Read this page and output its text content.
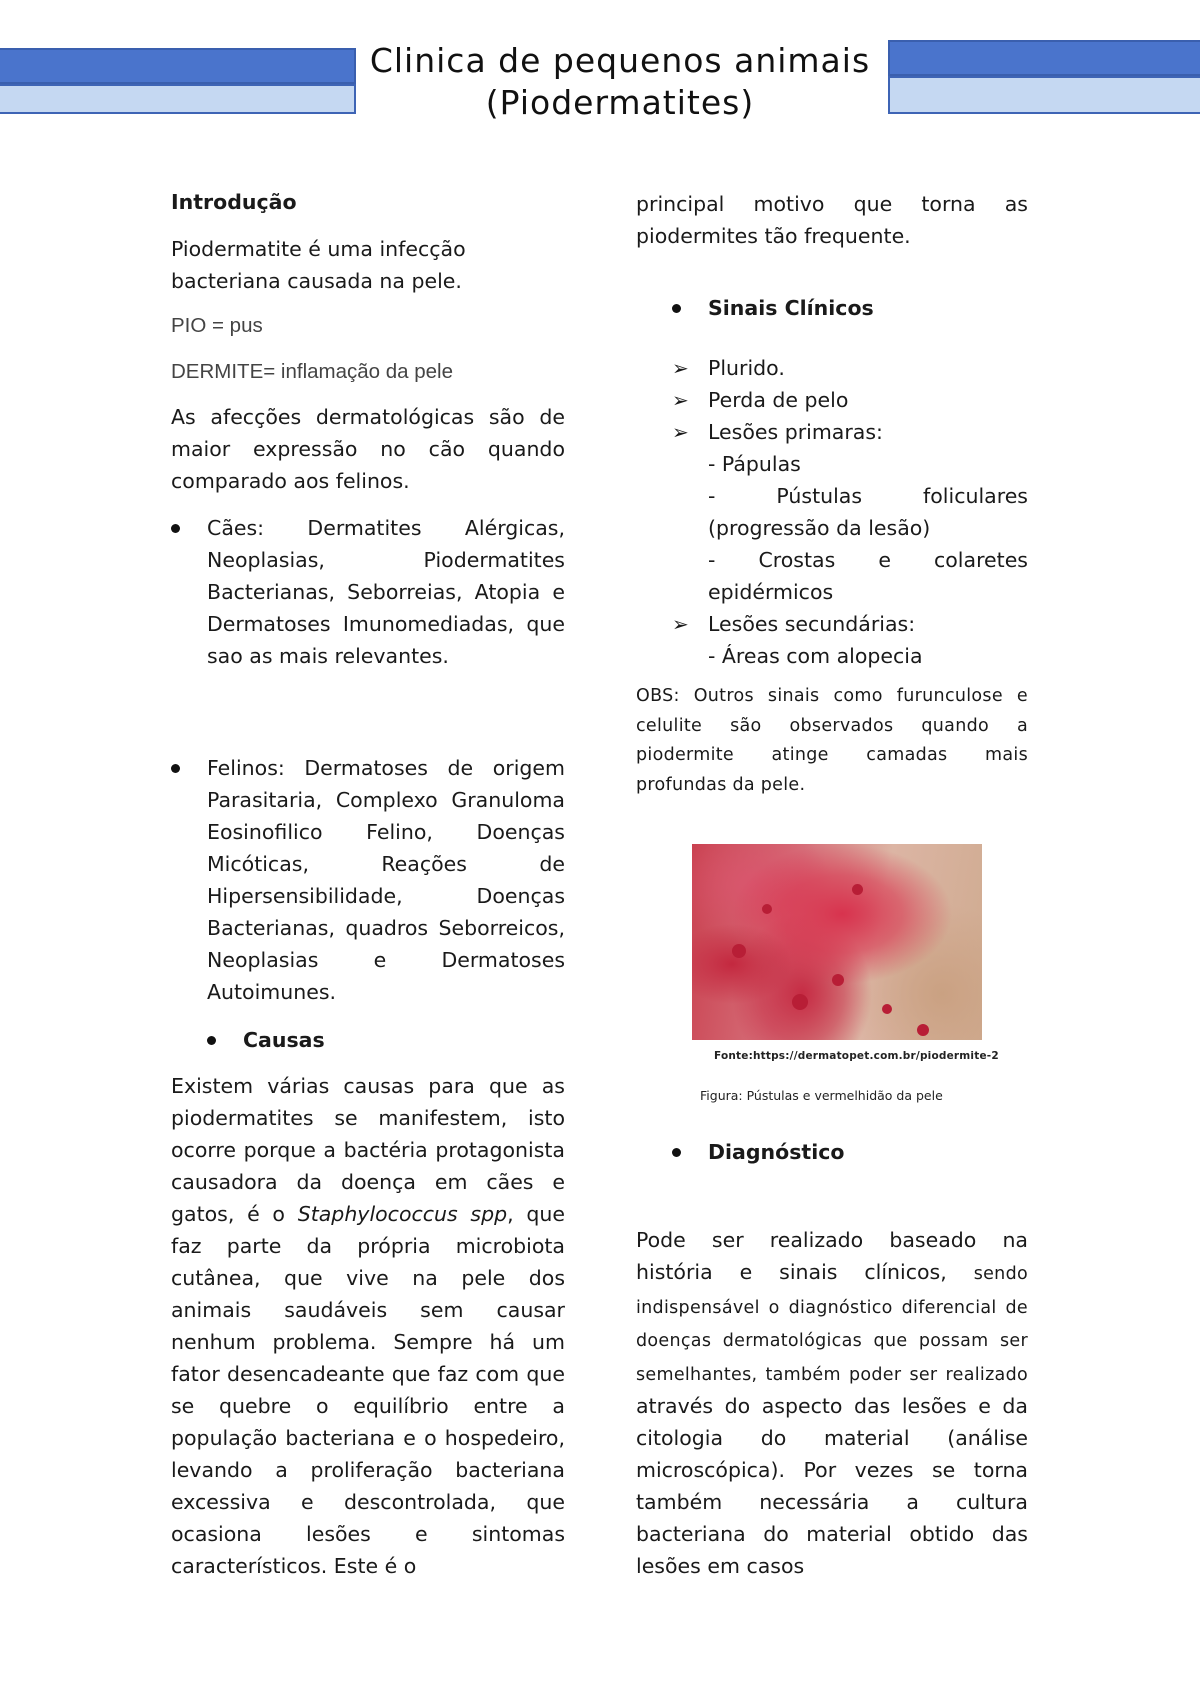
Clinica de pequenos animais
(Piodermatites)

Introdução

Piodermatite é uma infecção bacteriana causada na pele.

PIO = pus

DERMITE= inflamação da pele

As afecções dermatológicas são de maior expressão no cão quando comparado aos felinos.

Cães: Dermatites Alérgicas, Neoplasias, Piodermatites Bacterianas, Seborreias, Atopia e Dermatoses Imunomediadas, que sao as mais relevantes.

Felinos: Dermatoses de origem Parasitaria, Complexo Granuloma Eosinofilico Felino, Doenças Micóticas, Reações de Hipersensibilidade, Doenças Bacterianas, quadros Seborreicos, Neoplasias e Dermatoses Autoimunes.

Causas

Existem várias causas para que as piodermatites se manifestem, isto ocorre porque a bactéria protagonista causadora da doença em cães e gatos, é o Staphylococcus spp, que faz parte da própria microbiota cutânea, que vive na pele dos animais saudáveis sem causar nenhum problema. Sempre há um fator desencadeante que faz com que se quebre o equilíbrio entre a população bacteriana e o hospedeiro, levando a proliferação bacteriana excessiva e descontrolada, que ocasiona lesões e sintomas característicos. Este é o

principal motivo que torna as piodermites tão frequente.

Sinais Clínicos

➢ Plurido.

➢ Perda de pelo

➢ Lesões primaras:

- Pápulas

- Pústulas foliculares (progressão da lesão)

- Crostas e colaretes epidérmicos

➢ Lesões secundárias:

- Áreas com alopecia

OBS: Outros sinais como furunculose e celulite são observados quando a piodermite atinge camadas mais profundas da pele.

Fonte:https://dermatopet.com.br/piodermite-2
Figura: Pústulas e vermelhidão da pele

Diagnóstico

Pode ser realizado baseado na história e sinais clínicos, sendo indispensável o diagnóstico diferencial de doenças dermatológicas que possam ser semelhantes, também poder ser realizado através do aspecto das lesões e da citologia do material (análise microscópica). Por vezes se torna também necessária a cultura bacteriana do material obtido das lesões em casos
